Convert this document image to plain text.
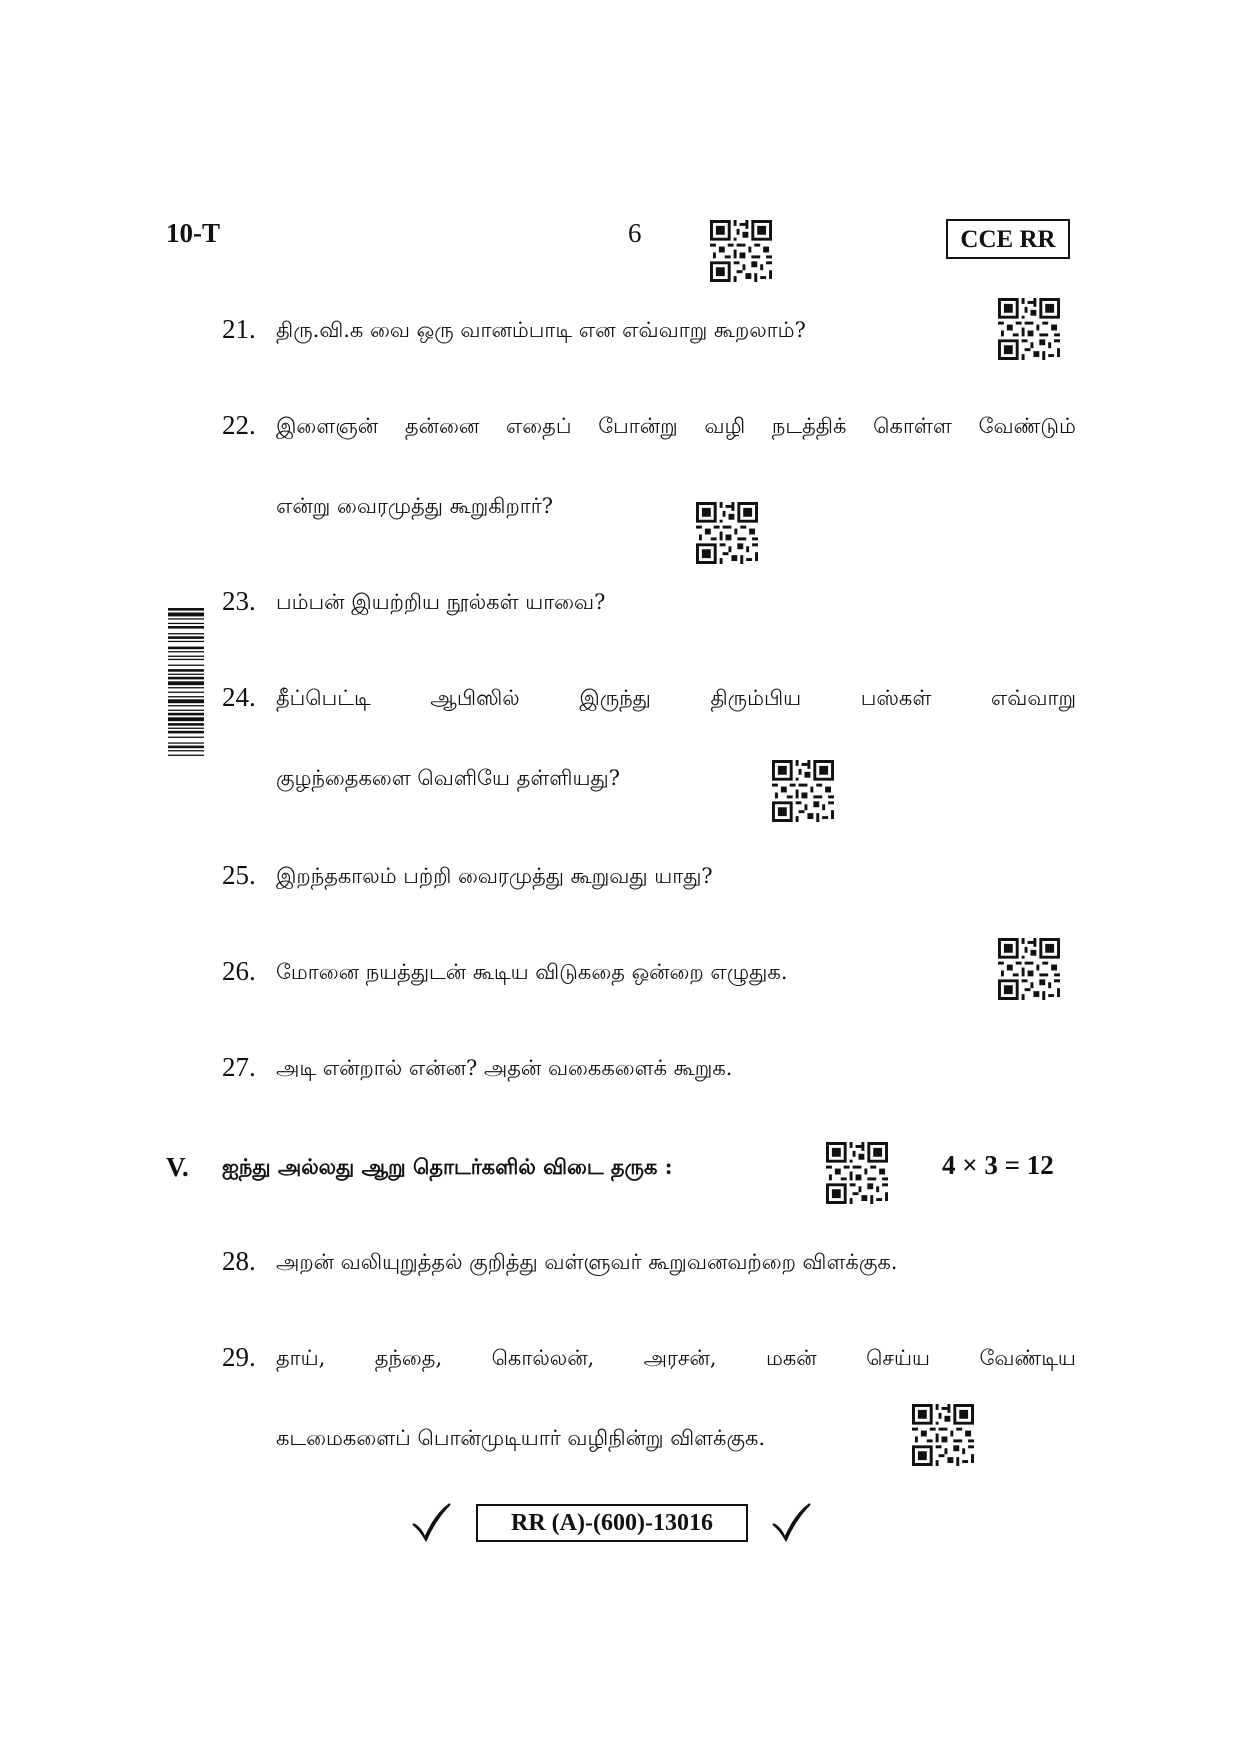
10-T	6	CCE RR
21. திரு.வி.க வை ஒரு வானம்பாடி என எவ்வாறு கூறலாம்?
22. இளைஞன் தன்னை எதைப் போன்று வழி நடத்திக் கொள்ள வேண்டும்
என்று வைரமுத்து கூறுகிறார்?
23. பம்பன் இயற்றிய நூல்கள் யாவை?
24. தீப்பெட்டி	ஆபிஸில்	இருந்து	திரும்பிய	பஸ்கள்	எவ்வாறு
குழந்தைகளை வெளியே தள்ளியது?
25. இறந்தகாலம் பற்றி வைரமுத்து கூறுவது யாது?
26. மோனை நயத்துடன் கூடிய விடுகதை ஒன்றை எழுதுக.
27. அடி என்றால் என்ன? அதன் வகைகளைக் கூறுக.
V. ஐந்து அல்லது ஆறு தொடர்களில் விடை தருக :	4 × 3 = 12
28. அறன் வலியுறுத்தல் குறித்து வள்ளுவர் கூறுவனவற்றை விளக்குக.
29. தாய், தந்தை, கொல்லன், அரசன், மகன் செய்ய வேண்டிய
கடமைகளைப் பொன்முடியார் வழிநின்று விளக்குக.
RR (A)-(600)-13016
